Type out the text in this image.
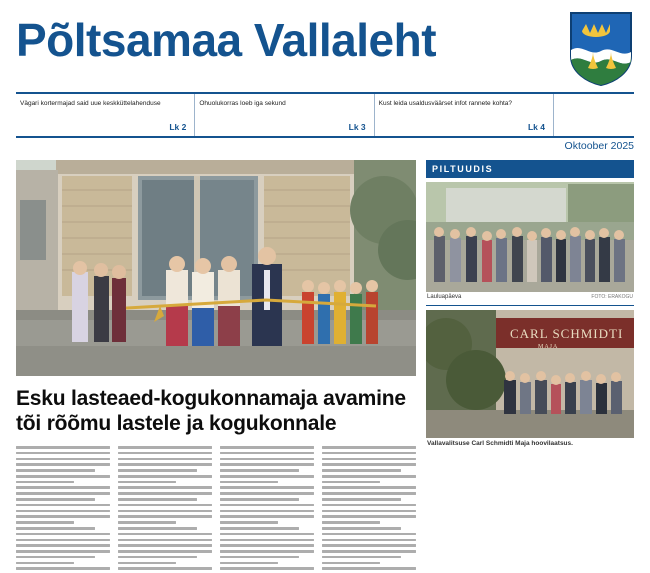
Põltsamaa Vallaleht
Vägari kortermajad said uue keskküttelahenduse
Lk 2
Ohuolukorras loeb iga sekund
Lk 3
Kust leida usaldusväärset infot rannete kohta?
Lk 4
Oktoober 2025
Esku lasteaed-kogukonnamaja avamine
tõi rõõmu lastele ja kogukonnale
PILTUUDIS
Lauluapäeva	FOTO: ERAKOGU
CARL SCHMIDTI
MAJA
Vallavalitsuse Carl Schmidti Maja hoovilaatsus.
